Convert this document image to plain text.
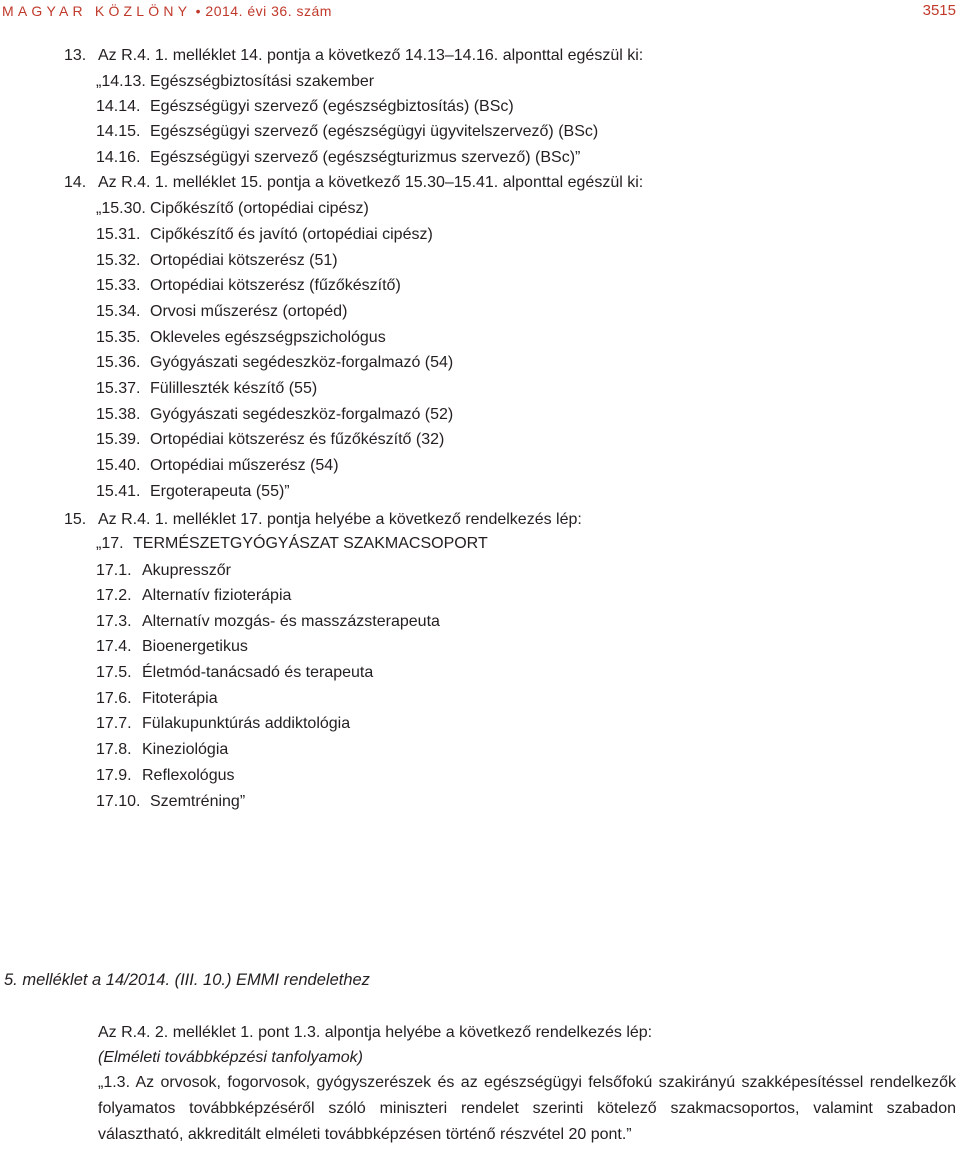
MAGYAR KÖZLÖNY • 2014. évi 36. szám	3515
13. Az R.4. 1. melléklet 14. pontja a következő 14.13–14.16. alponttal egészül ki:
„14.13. Egészségbiztosítási szakember
14.14. Egészségügyi szervező (egészségbiztosítás) (BSc)
14.15. Egészségügyi szervező (egészségügyi ügyvitelszervező) (BSc)
14.16. Egészségügyi szervező (egészségturizmus szervező) (BSc)”
14. Az R.4. 1. melléklet 15. pontja a következő 15.30–15.41. alponttal egészül ki:
„15.30. Cipőkészítő (ortopédiai cipész)
15.31. Cipőkészítő és javító (ortopédiai cipész)
15.32. Ortopédiai kötszerész (51)
15.33. Ortopédiai kötszerész (fűzőkészítő)
15.34. Orvosi műszerész (ortopéd)
15.35. Okleveles egészségpszichológus
15.36. Gyógyászati segédeszköz-forgalmazó (54)
15.37. Fülilleszték készítő (55)
15.38. Gyógyászati segédeszköz-forgalmazó (52)
15.39. Ortopédiai kötszerész és fűzőkészítő (32)
15.40. Ortopédiai műszerész (54)
15.41. Ergoterapeuta (55)”
15. Az R.4. 1. melléklet 17. pontja helyébe a következő rendelkezés lép:
„17. TERMÉSZETGYÓGYÁSZAT SZAKMACSOPORT
17.1. Akupresszőr
17.2. Alternatív fizioterápia
17.3. Alternatív mozgás- és masszázsterapeuta
17.4. Bioenergetikus
17.5. Életmód-tanácsadó és terapeuta
17.6. Fitoterápia
17.7. Fülakupunktúrás addiktológia
17.8. Kineziológia
17.9. Reflexológus
17.10. Szemtréning”
5. melléklet a 14/2014. (III. 10.) EMMI rendelethez
Az R.4. 2. melléklet 1. pont 1.3. alpontja helyébe a következő rendelkezés lép:
(Elméleti továbbképzési tanfolyamok)
„1.3. Az orvosok, fogorvosok, gyógyszerészek és az egészségügyi felsőfokú szakirányú szakképesítéssel rendelkezők folyamatos továbbképzéséről szóló miniszteri rendelet szerinti kötelező szakmacsoportos, valamint szabadon választható, akkreditált elméleti továbbképzésen történő részvétel 20 pont.”
